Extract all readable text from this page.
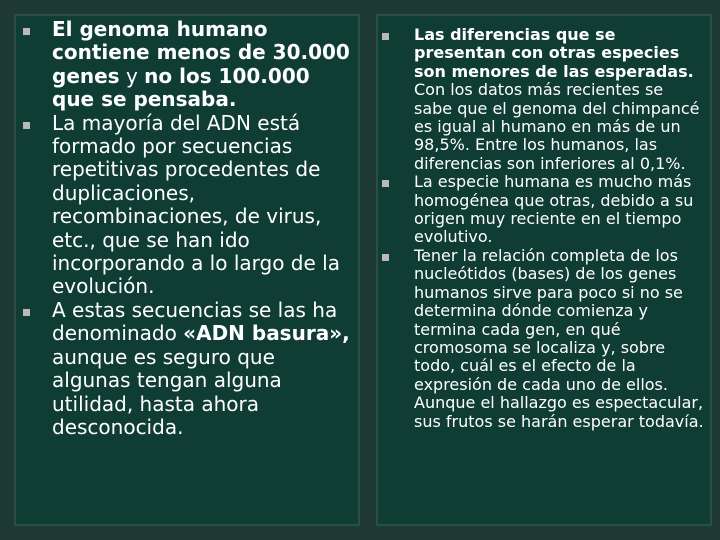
El genoma humano contiene menos de 30.000 genes y no los 100.000 que se pensaba.
La mayoría del ADN está formado por secuencias repetitivas procedentes de duplicaciones, recombinaciones, de virus, etc., que se han ido incorporando a lo largo de la evolución.
A estas secuencias se las ha denominado «ADN basura», aunque es seguro que algunas tengan alguna utilidad, hasta ahora desconocida.
Las diferencias que se presentan con otras especies son menores de las esperadas. Con los datos más recientes se sabe que el genoma del chimpancé es igual al humano en más de un 98,5%. Entre los humanos, las diferencias son inferiores al 0,1%.
La especie humana es mucho más homogénea que otras, debido a su origen muy reciente en el tiempo evolutivo.
Tener la relación completa de los nucleótidos (bases) de los genes humanos sirve para poco si no se determina dónde comienza y termina cada gen, en qué cromosoma se localiza y, sobre todo, cuál es el efecto de la expresión de cada uno de ellos. Aunque el hallazgo es espectacular, sus frutos se harán esperar todavía.
